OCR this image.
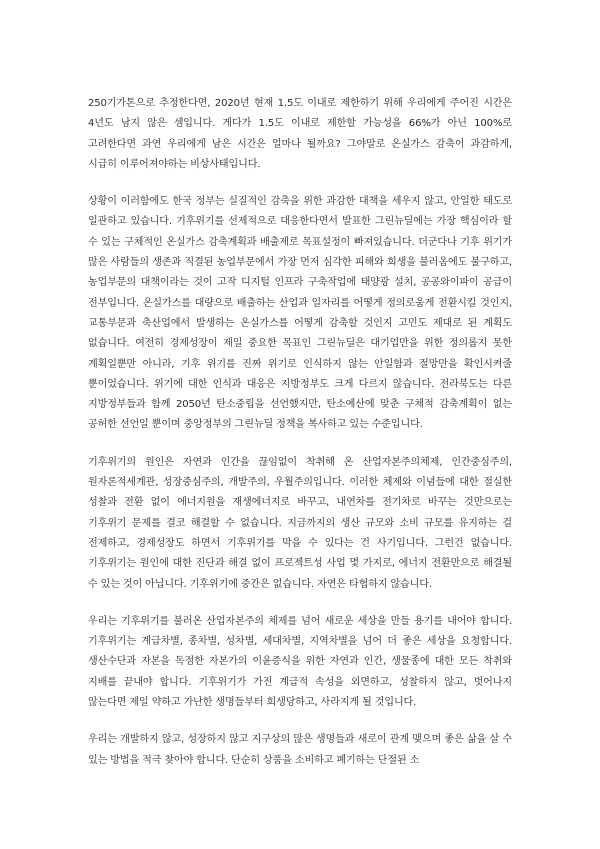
250기가톤으로 추정한다면, 2020년 현재 1.5도 이내로 제한하기 위해 우리에게 주어진 시간은 4년도 남지 않은 셈입니다. 게다가 1.5도 이내로 제한할 가능성을 66%가 아닌 100%로 고려한다면 과연 우리에게 남은 시간은 얼마나 될까요? 그야말로 온실가스 감축이 과감하게, 시급히 이루어져야하는 비상사태입니다.

상황이 이러함에도 한국 정부는 실질적인 감축을 위한 과감한 대책을 세우지 않고, 안일한 태도로 일관하고 있습니다. 기후위기를 선제적으로 대응한다면서 발표한 그린뉴딜에는 가장 핵심이라 할 수 있는 구체적인 온실가스 감축계획과 배출제로 목표설정이 빠져있습니다. 더군다나 기후 위기가 많은 사람들의 생존과 직결된 농업부문에서 가장 먼저 심각한 피해와 희생을 불러옴에도 불구하고, 농업부문의 대책이라는 것이 고작 디지털 인프라 구축작업에 태양광 설치, 공공와이파이 공급이 전부입니다. 온실가스를 대량으로 배출하는 산업과 일자리를 어떻게 정의로움게 전환시킬 것인지, 교통부문과 축산업에서 발생하는 온실가스를 어떻게 감축할 것인지 고민도 제대로 된 계획도 없습니다. 여전히 경제성장이 제일 중요한 목표인 그린뉴딜은 대기업만을 위한 정의롭지 못한 계획일뿐만 아니라, 기후 위기를 진짜 위기로 인식하지 않는 안일함과 절망만을 확인시켜줄 뿐이었습니다. 위기에 대한 인식과 대응은 지방정부도 크게 다르지 않습니다. 전라북도는 다른 지방정부들과 함께 2050년 탄소중립을 선언했지만, 탄소예산에 맞춘 구체적 감축계획이 없는 공허한 선언일 뿐이며 중앙정부의 그린뉴딜 정책을 복사하고 있는 수준입니다.

기후위기의 원인은 자연과 인간을 끊임없이 착취해 온 산업자본주의체제, 인간중심주의, 원자론적세계관, 성장중심주의, 개발주의, 우월주의입니다. 이러한 체제와 이념들에 대한 절실한 성찰과 전환 없이 에너지원을 재생에너지로 바꾸고, 내연차를 전기차로 바꾸는 것만으로는 기후위기 문제를 결코 해결할 수 없습니다. 지금까지의 생산 규모와 소비 규모를 유지하는 걸 전제하고, 경제성장도 하면서 기후위기를 막을 수 있다는 건 사기입니다. 그런건 없습니다. 기후위기는 원인에 대한 진단과 해결 없이 프로젝트성 사업 몇 가지로, 에너지 전환만으로 해결될 수 있는 것이 아닙니다. 기후위기에 중간은 없습니다. 자연은 타협하지 않습니다.

우리는 기후위기를 불러온 산업자본주의 체제를 넘어 새로운 세상을 만들 용기를 내어야 합니다. 기후위기는 계급차별, 종차별, 성차별, 세대차별, 지역차별을 넘어 더 좋은 세상을 요청합니다. 생산수단과 자본을 독점한 자본가의 이윤증식을 위한 자연과 인간, 생물종에 대한 모든 착취와 지배를 끝내야 합니다. 기후위기가 가진 계급적 속성을 외면하고, 성찰하지 않고, 벗어나지 않는다면 제일 약하고 가난한 생명들부터 희생당하고, 사라지게 될 것입니다.

우리는 개발하지 않고, 성장하지 않고 지구상의 많은 생명들과 새로이 관계 맺으며 좋은 삶을 살 수 있는 방법을 적극 찾아야 합니다. 단순히 상품을 소비하고 폐기하는 단절된 소
